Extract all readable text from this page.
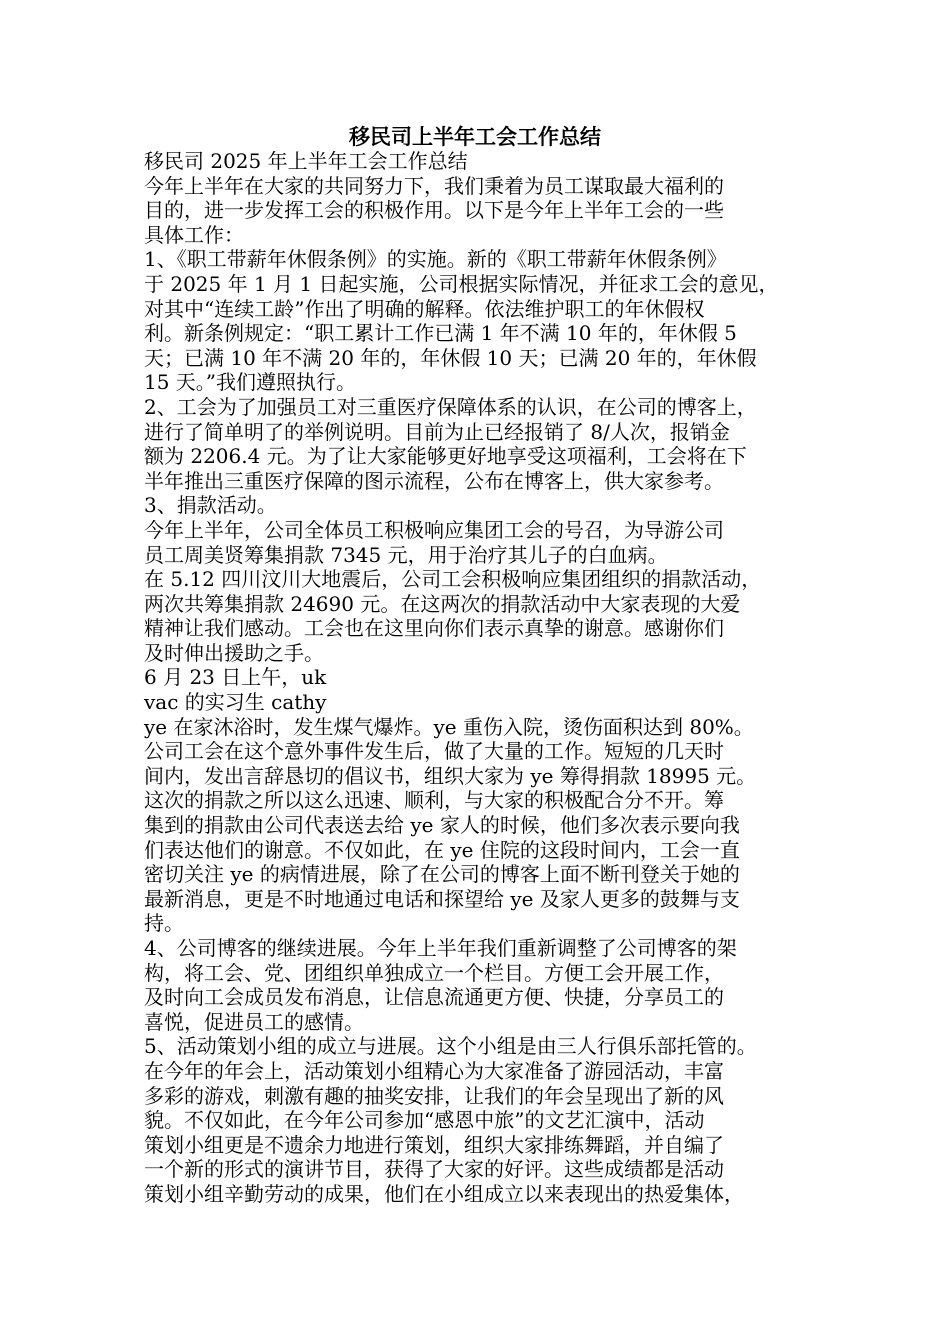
移民司上半年工会工作总结
移民司 2025 年上半年工会工作总结
今年上半年在大家的共同努力下，我们秉着为员工谋取最大福利的
目的，进一步发挥工会的积极作用。以下是今年上半年工会的一些
具体工作：
1、《职工带薪年休假条例》的实施。新的《职工带薪年休假条例》
于 2025 年 1 月 1 日起实施，公司根据实际情况，并征求工会的意见，
对其中“连续工龄”作出了明确的解释。依法维护职工的年休假权
利。新条例规定：“职工累计工作已满 1 年不满 10 年的，年休假 5
天；已满 10 年不满 20 年的，年休假 10 天；已满 20 年的，年休假
15 天。”我们遵照执行。
2、工会为了加强员工对三重医疗保障体系的认识，在公司的博客上，
进行了简单明了的举例说明。目前为止已经报销了 8/人次，报销金
额为 2206.4 元。为了让大家能够更好地享受这项福利，工会将在下
半年推出三重医疗保障的图示流程，公布在博客上，供大家参考。
3、捐款活动。
今年上半年，公司全体员工积极响应集团工会的号召，为导游公司
员工周美贤筹集捐款 7345 元，用于治疗其儿子的白血病。
在 5.12 四川汶川大地震后，公司工会积极响应集团组织的捐款活动，
两次共筹集捐款 24690 元。在这两次的捐款活动中大家表现的大爱
精神让我们感动。工会也在这里向你们表示真挚的谢意。感谢你们
及时伸出援助之手。
6 月 23 日上午，uk
vac 的实习生 cathy
ye 在家沐浴时，发生煤气爆炸。ye 重伤入院，烫伤面积达到 80%。
公司工会在这个意外事件发生后，做了大量的工作。短短的几天时
间内，发出言辞恳切的倡议书，组织大家为 ye 筹得捐款 18995 元。
这次的捐款之所以这么迅速、顺利，与大家的积极配合分不开。筹
集到的捐款由公司代表送去给 ye 家人的时候，他们多次表示要向我
们表达他们的谢意。不仅如此，在 ye 住院的这段时间内，工会一直
密切关注 ye 的病情进展，除了在公司的博客上面不断刊登关于她的
最新消息，更是不时地通过电话和探望给 ye 及家人更多的鼓舞与支
持。
4、公司博客的继续进展。今年上半年我们重新调整了公司博客的架
构，将工会、党、团组织单独成立一个栏目。方便工会开展工作，
及时向工会成员发布消息，让信息流通更方便、快捷，分享员工的
喜悦，促进员工的感情。
5、活动策划小组的成立与进展。这个小组是由三人行俱乐部托管的。
在今年的年会上，活动策划小组精心为大家准备了游园活动，丰富
多彩的游戏，刺激有趣的抽奖安排，让我们的年会呈现出了新的风
貌。不仅如此，在今年公司参加“感恩中旅”的文艺汇演中，活动
策划小组更是不遗余力地进行策划，组织大家排练舞蹈，并自编了
一个新的形式的演讲节目，获得了大家的好评。这些成绩都是活动
策划小组辛勤劳动的成果，他们在小组成立以来表现出的热爱集体，
